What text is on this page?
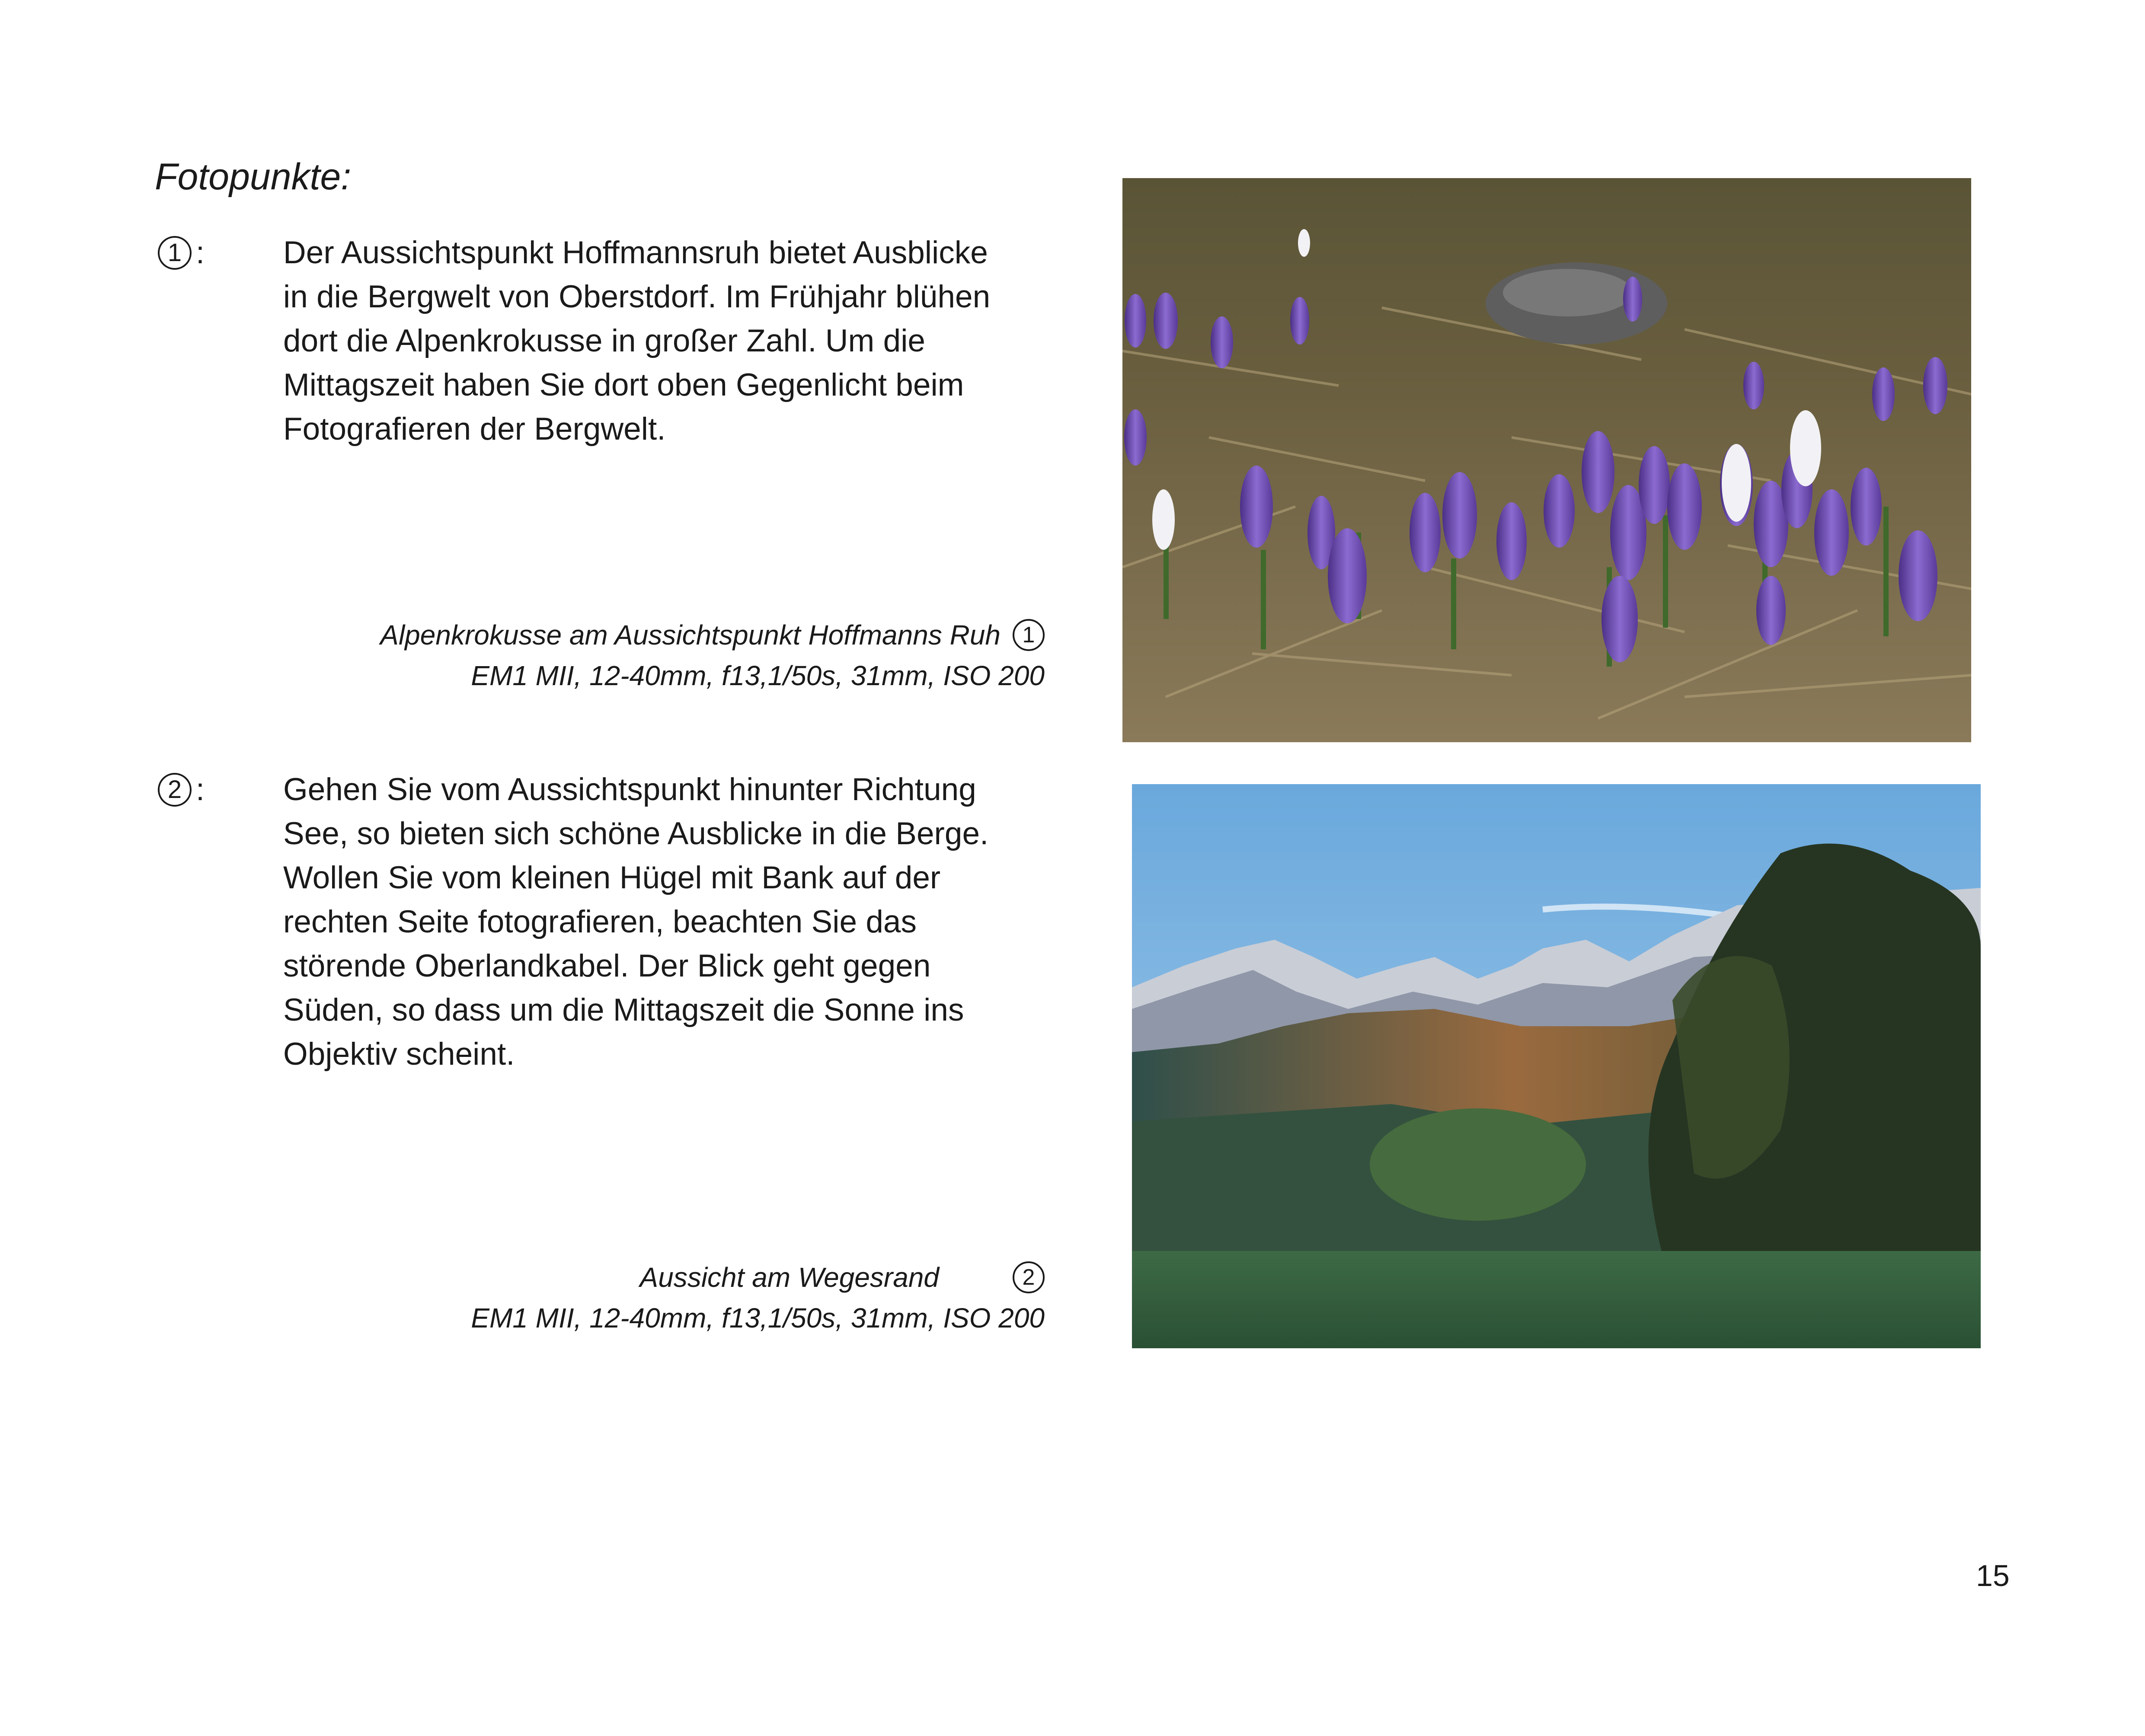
Fotopunkte:
1 : Der Aussichtspunkt Hoffmannsruh bietet Ausblicke
in die Bergwelt von Oberstdorf. Im Frühjahr blühen
dort die Alpenkrokusse in großer Zahl. Um die
Mittagszeit haben Sie dort oben Gegenlicht beim
Fotografieren der Bergwelt.

Alpenkrokusse am Aussichtspunkt Hoffmanns Ruh 1
EM1 MII, 12-40mm, f13,1/50s, 31mm, ISO 200
2 : Gehen Sie vom Aussichtspunkt hinunter Richtung
See, so bieten sich schöne Ausblicke in die Berge.
Wollen Sie vom kleinen Hügel mit Bank auf der
rechten Seite fotografieren, beachten Sie das
störende Oberlandkabel. Der Blick geht gegen
Süden, so dass um die Mittagszeit die Sonne ins
Objektiv scheint.

Aussicht am Wegesrand	2
EM1 MII, 12-40mm, f13,1/50s, 31mm, ISO 200
15
